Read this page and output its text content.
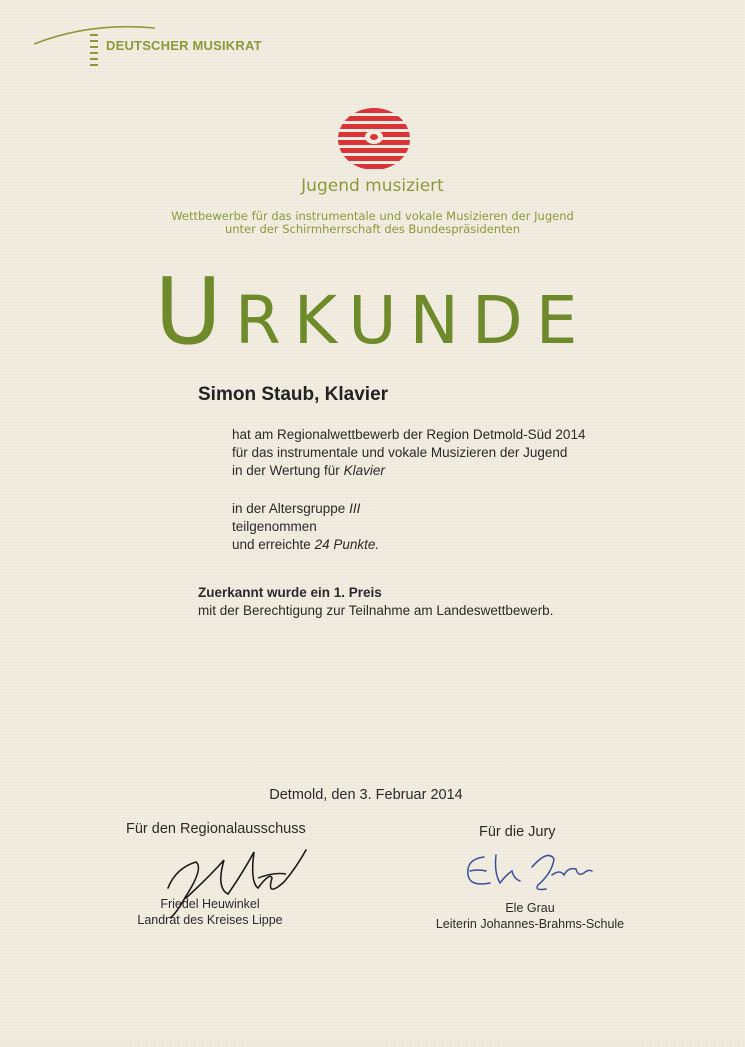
DEUTSCHER MUSIKRAT
Jugend musiziert
Wettbewerbe für das instrumentale und vokale Musizieren der Jugend
unter der Schirmherrschaft des Bundespräsidenten
URKUNDE
Simon Staub, Klavier
hat am Regionalwettbewerb der Region Detmold-Süd 2014
für das instrumentale und vokale Musizieren der Jugend
in der Wertung für Klavier
in der Altersgruppe III
teilgenommen
und erreichte 24 Punkte.
Zuerkannt wurde ein 1. Preis
mit der Berechtigung zur Teilnahme am Landeswettbewerb.
Detmold, den 3. Februar 2014
Für den Regionalausschuss	Für die Jury
Friedel Heuwinkel
Landrat des Kreises Lippe
Ele Grau
Leiterin Johannes-Brahms-Schule
